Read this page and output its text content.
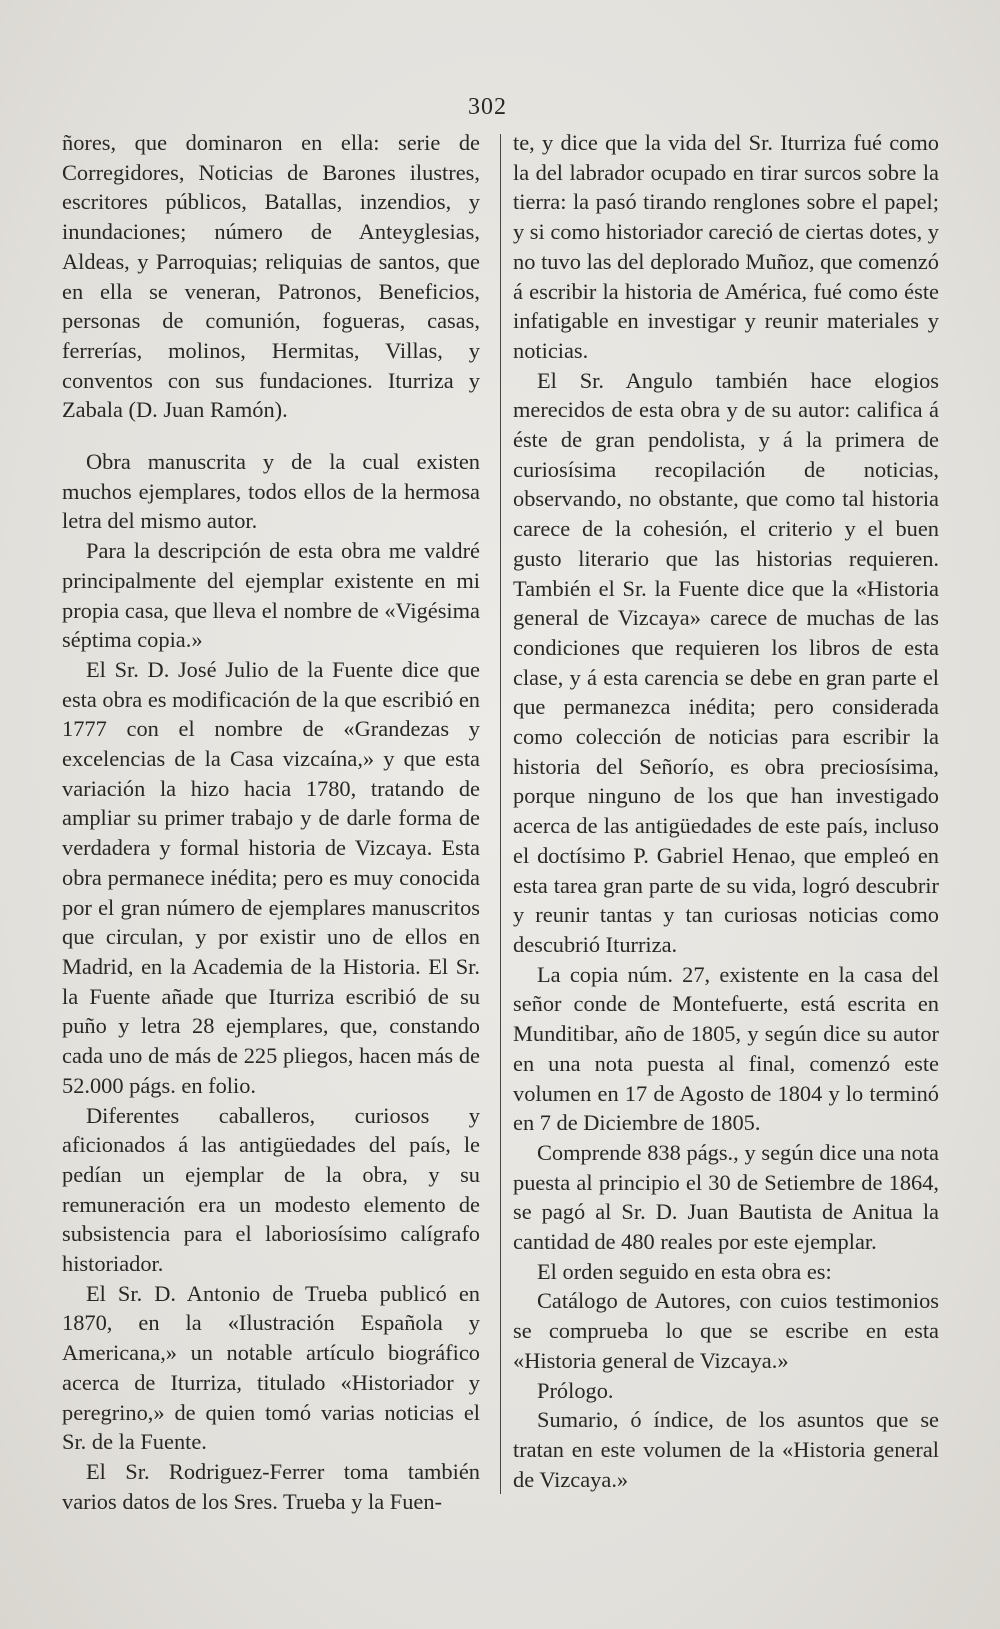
302

ñores, que dominaron en ella: serie de Corregidores, Noticias de Barones ilustres, escritores públicos, Batallas, inzendios, y inundaciones; número de Anteyglesias, Aldeas, y Parroquias; reliquias de santos, que en ella se veneran, Patronos, Beneficios, personas de comunión, fogueras, casas, ferrerías, molinos, Hermitas, Villas, y conventos con sus fundaciones. Iturriza y Zabala (D. Juan Ramón).

Obra manuscrita y de la cual existen muchos ejemplares, todos ellos de la hermosa letra del mismo autor.

Para la descripción de esta obra me valdré principalmente del ejemplar existente en mi propia casa, que lleva el nombre de «Vigésima séptima copia.»

El Sr. D. José Julio de la Fuente dice que esta obra es modificación de la que escribió en 1777 con el nombre de «Grandezas y excelencias de la Casa vizcaína,» y que esta variación la hizo hacia 1780, tratando de ampliar su primer trabajo y de darle forma de verdadera y formal historia de Vizcaya. Esta obra permanece inédita; pero es muy conocida por el gran número de ejemplares manuscritos que circulan, y por existir uno de ellos en Madrid, en la Academia de la Historia. El Sr. la Fuente añade que Iturriza escribió de su puño y letra 28 ejemplares, que, constando cada uno de más de 225 pliegos, hacen más de 52.000 págs. en folio.

Diferentes caballeros, curiosos y aficionados á las antigüedades del país, le pedían un ejemplar de la obra, y su remuneración era un modesto elemento de subsistencia para el laboriosísimo calígrafo historiador.

El Sr. D. Antonio de Trueba publicó en 1870, en la «Ilustración Española y Americana,» un notable artículo biográfico acerca de Iturriza, titulado «Historiador y peregrino,» de quien tomó varias noticias el Sr. de la Fuente.

El Sr. Rodriguez-Ferrer toma también varios datos de los Sres. Trueba y la Fuen-

te, y dice que la vida del Sr. Iturriza fué como la del labrador ocupado en tirar surcos sobre la tierra: la pasó tirando renglones sobre el papel; y si como historiador careció de ciertas dotes, y no tuvo las del deplorado Muñoz, que comenzó á escribir la historia de América, fué como éste infatigable en investigar y reunir materiales y noticias.

El Sr. Angulo también hace elogios merecidos de esta obra y de su autor: califica á éste de gran pendolista, y á la primera de curiosísima recopilación de noticias, observando, no obstante, que como tal historia carece de la cohesión, el criterio y el buen gusto literario que las historias requieren. También el Sr. la Fuente dice que la «Historia general de Vizcaya» carece de muchas de las condiciones que requieren los libros de esta clase, y á esta carencia se debe en gran parte el que permanezca inédita; pero considerada como colección de noticias para escribir la historia del Señorío, es obra preciosísima, porque ninguno de los que han investigado acerca de las antigüedades de este país, incluso el doctísimo P. Gabriel Henao, que empleó en esta tarea gran parte de su vida, logró descubrir y reunir tantas y tan curiosas noticias como descubrió Iturriza.

La copia núm. 27, existente en la casa del señor conde de Montefuerte, está escrita en Munditibar, año de 1805, y según dice su autor en una nota puesta al final, comenzó este volumen en 17 de Agosto de 1804 y lo terminó en 7 de Diciembre de 1805.

Comprende 838 págs., y según dice una nota puesta al principio el 30 de Setiembre de 1864, se pagó al Sr. D. Juan Bautista de Anitua la cantidad de 480 reales por este ejemplar.

El orden seguido en esta obra es:

Catálogo de Autores, con cuios testimonios se comprueba lo que se escribe en esta «Historia general de Vizcaya.»

Prólogo.

Sumario, ó índice, de los asuntos que se tratan en este volumen de la «Historia general de Vizcaya.»
